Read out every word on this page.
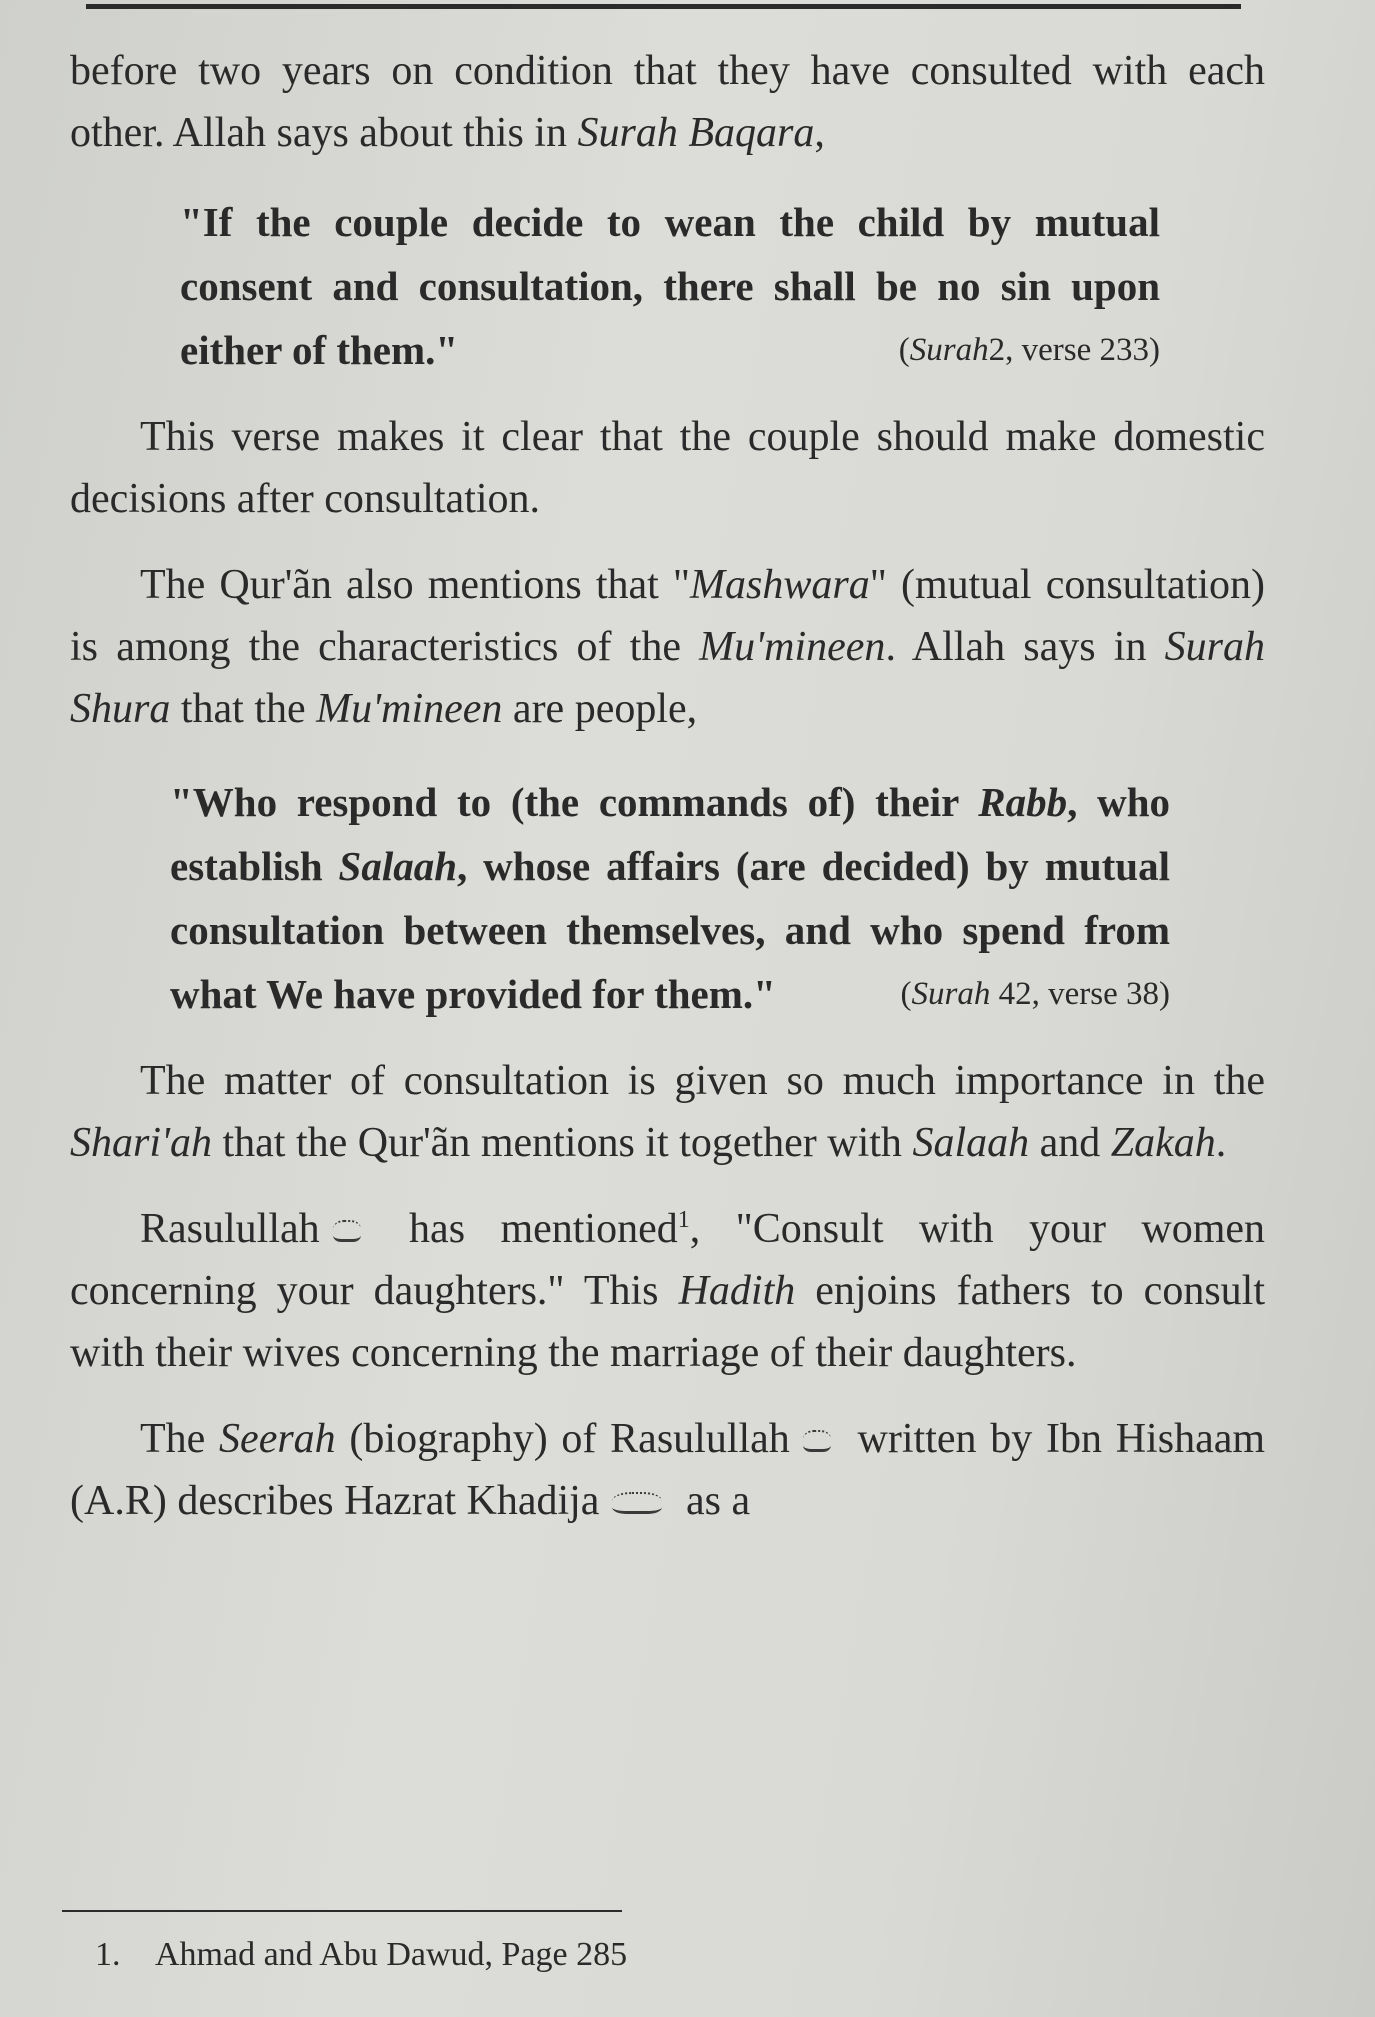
before two years on condition that they have consulted with each other. Allah says about this in Surah Baqara,

"If the couple decide to wean the child by mutual consent and consultation, there shall be no sin upon either of them."	(Surah2, verse 233)

This verse makes it clear that the couple should make domestic decisions after consultation.

The Qur'ãn also mentions that "Mashwara" (mutual consultation) is among the characteristics of the Mu'mineen. Allah says in Surah Shura that the Mu'mineen are people,

"Who respond to (the commands of) their Rabb, who establish Salaah, whose affairs (are decided) by mutual consultation between themselves, and who spend from what We have provided for them."	(Surah 42, verse 38)

The matter of consultation is given so much importance in the Shari'ah that the Qur'ãn mentions it together with Salaah and Zakah.

Rasulullah has mentioned$^1$, "Consult with your women concerning your daughters." This Hadith enjoins fathers to consult with their wives concerning the marriage of their daughters.

The Seerah (biography) of Rasulullah written by Ibn Hishaam (A.R) describes Hazrat Khadija as a

1. Ahmad and Abu Dawud, Page 285
